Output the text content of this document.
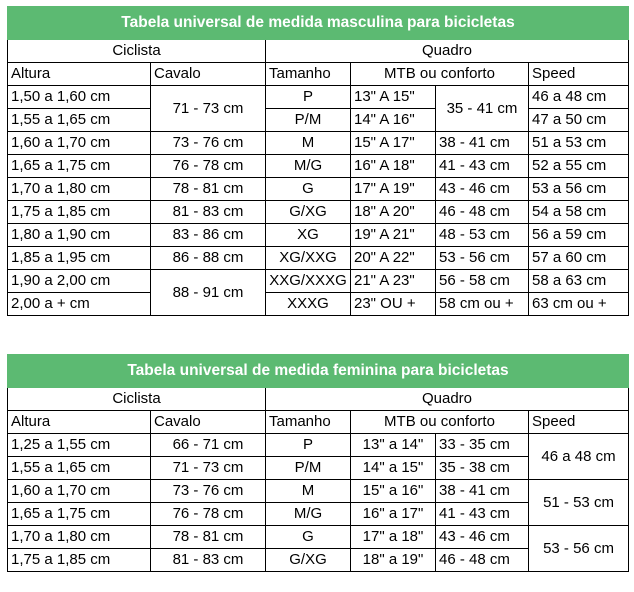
Tabela universal de medida masculina para bicicletas					
Ciclista		Quadro			
Altura	Cavalo	Tamanho	MTB ou conforto		Speed
1,50 a 1,60 cm	71 - 73 cm	P	13" A 15"	35 - 41 cm	46 a 48 cm
1,55 a 1,65 cm		P/M	14" A 16"		47 a 50 cm
1,60 a 1,70 cm	73 - 76 cm	M	15" A 17"	38 - 41 cm	51 a 53 cm
1,65 a 1,75 cm	76 - 78 cm	M/G	16" A 18"	41 - 43 cm	52 a 55 cm
1,70 a 1,80 cm	78 - 81 cm	G	17" A 19"	43 - 46 cm	53 a 56 cm
1,75 a 1,85 cm	81 - 83 cm	G/XG	18" A 20"	46 - 48 cm	54 a 58 cm
1,80 a 1,90 cm	83 - 86 cm	XG	19" A 21"	48 - 53 cm	56 a 59 cm
1,85 a 1,95 cm	86 - 88 cm	XG/XXG	20" A 22"	53 - 56 cm	57 a 60 cm
1,90 a 2,00 cm	88 - 91 cm	XXG/XXXG	21" A 23"	56 - 58 cm	58 a 63 cm
2,00 a + cm		XXXG	23" OU +	58 cm ou +	63 cm ou +
Tabela universal de medida feminina para bicicletas					
Ciclista		Quadro			
Altura	Cavalo	Tamanho	MTB ou conforto		Speed
1,25 a 1,55 cm	66 - 71 cm	P	13" a 14"	33 - 35 cm	46 a 48 cm
1,55 a 1,65 cm	71 - 73 cm	P/M	14" a 15"	35 - 38 cm	
1,60 a 1,70 cm	73 - 76 cm	M	15" a 16"	38 - 41 cm	51 - 53 cm
1,65 a 1,75 cm	76 - 78 cm	M/G	16" a 17"	41 - 43 cm	
1,70 a 1,80 cm	78 - 81 cm	G	17" a 18"	43 - 46 cm	53 - 56 cm
1,75 a 1,85 cm	81 - 83 cm	G/XG	18" a 19"	46 - 48 cm	
